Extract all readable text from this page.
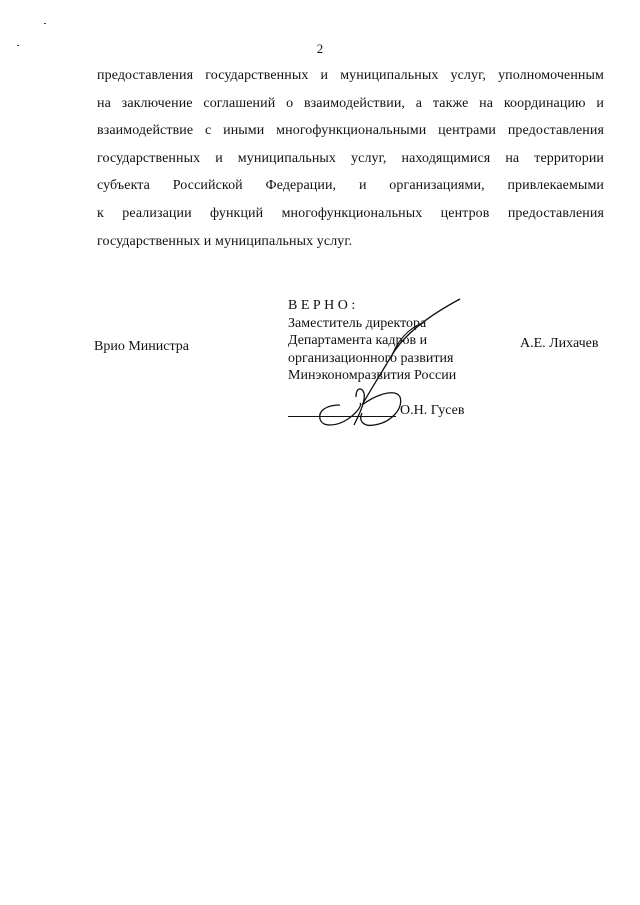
2
предоставления государственных и муниципальных услуг, уполномоченным
на заключение соглашений о взаимодействии, а также на координацию и
взаимодействие с иными многофункциональными центрами предоставления
государственных и муниципальных услуг, находящимися на территории
субъекта Российской Федерации, и организациями, привлекаемыми
к реализации функций многофункциональных центров предоставления
государственных и муниципальных услуг.
Врио Министра
ВЕРНО:
Заместитель директора
Департамента кадров и
организационного развития
Минэкономразвития России
А.Е. Лихачев
О.Н. Гусев
